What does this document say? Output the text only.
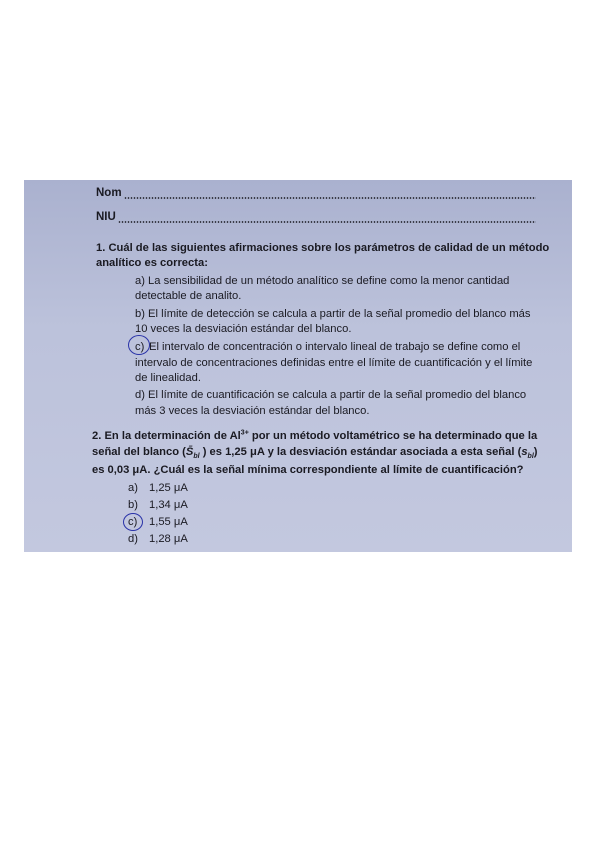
Nom
NIU
1. Cuál de las siguientes afirmaciones sobre los parámetros de calidad de un método
analítico es correcta:
a) La sensibilidad de un método analítico se define como la menor cantidad
detectable de analito.
b) El límite de detección se calcula a partir de la señal promedio del blanco más
10 veces la desviación estándar del blanco.
c) El intervalo de concentración o intervalo lineal de trabajo se define como el
intervalo de concentraciones definidas entre el límite de cuantificación y el límite
de linealidad.
d) El límite de cuantificación se calcula a partir de la señal promedio del blanco
más 3 veces la desviación estándar del blanco.
2. En la determinación de $Al^{3+}$ por un método voltamétrico se ha determinado que la
señal del blanco ($S̄_{bl}$ ) es 1,25 μA y la desviación estándar asociada a esta señal $(s_{bl})$
es 0,03 μA. ¿Cuál es la señal mínima correspondiente al límite de cuantificación?
a) 1,25 μA
b) 1,34 μA
c) 1,55 μA
d) 1,28 μA
